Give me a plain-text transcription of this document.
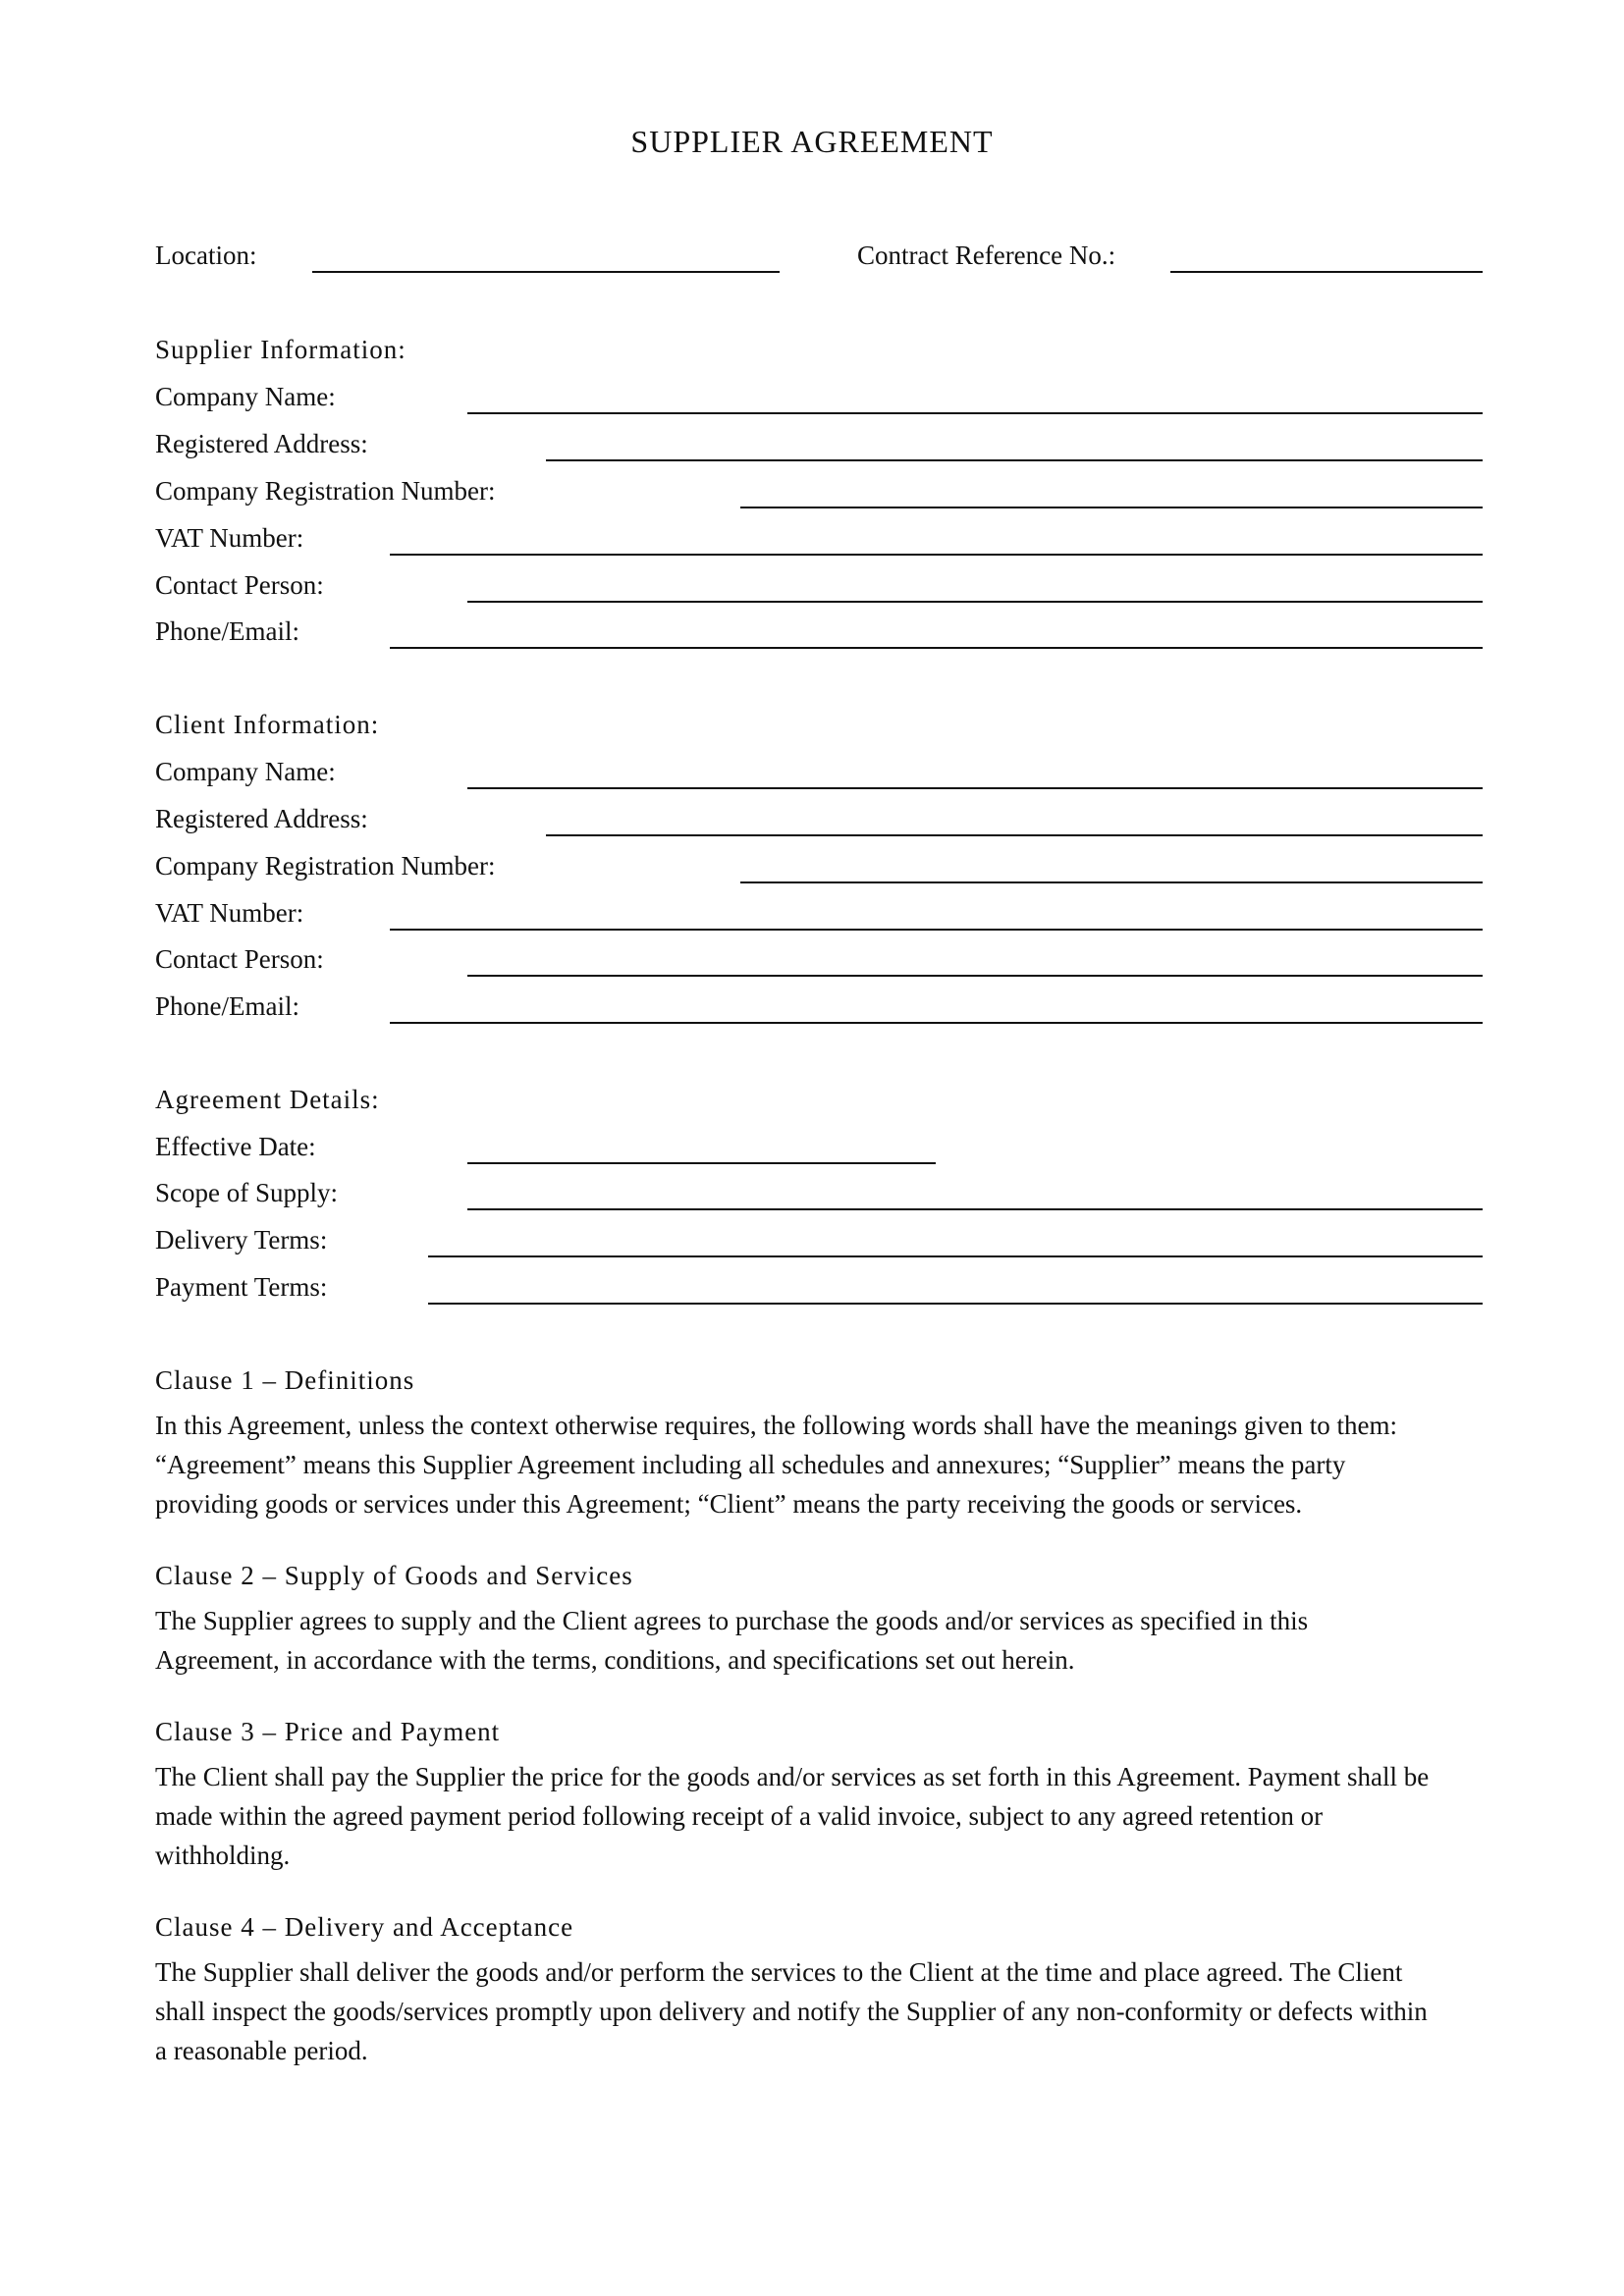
SUPPLIER AGREEMENT
Location:	Contract Reference No.:
Supplier Information:
Company Name:
Registered Address:
Company Registration Number:
VAT Number:
Contact Person:
Phone/Email:
Client Information:
Company Name:
Registered Address:
Company Registration Number:
VAT Number:
Contact Person:
Phone/Email:
Agreement Details:
Effective Date:
Scope of Supply:
Delivery Terms:
Payment Terms:
Clause 1 – Definitions
In this Agreement, unless the context otherwise requires, the following words shall have the meanings given to them:
“Agreement” means this Supplier Agreement including all schedules and annexures; “Supplier” means the party
providing goods or services under this Agreement; “Client” means the party receiving the goods or services.
Clause 2 – Supply of Goods and Services
The Supplier agrees to supply and the Client agrees to purchase the goods and/or services as specified in this
Agreement, in accordance with the terms, conditions, and specifications set out herein.
Clause 3 – Price and Payment
The Client shall pay the Supplier the price for the goods and/or services as set forth in this Agreement. Payment shall be
made within the agreed payment period following receipt of a valid invoice, subject to any agreed retention or
withholding.
Clause 4 – Delivery and Acceptance
The Supplier shall deliver the goods and/or perform the services to the Client at the time and place agreed. The Client
shall inspect the goods/services promptly upon delivery and notify the Supplier of any non-conformity or defects within
a reasonable period.
